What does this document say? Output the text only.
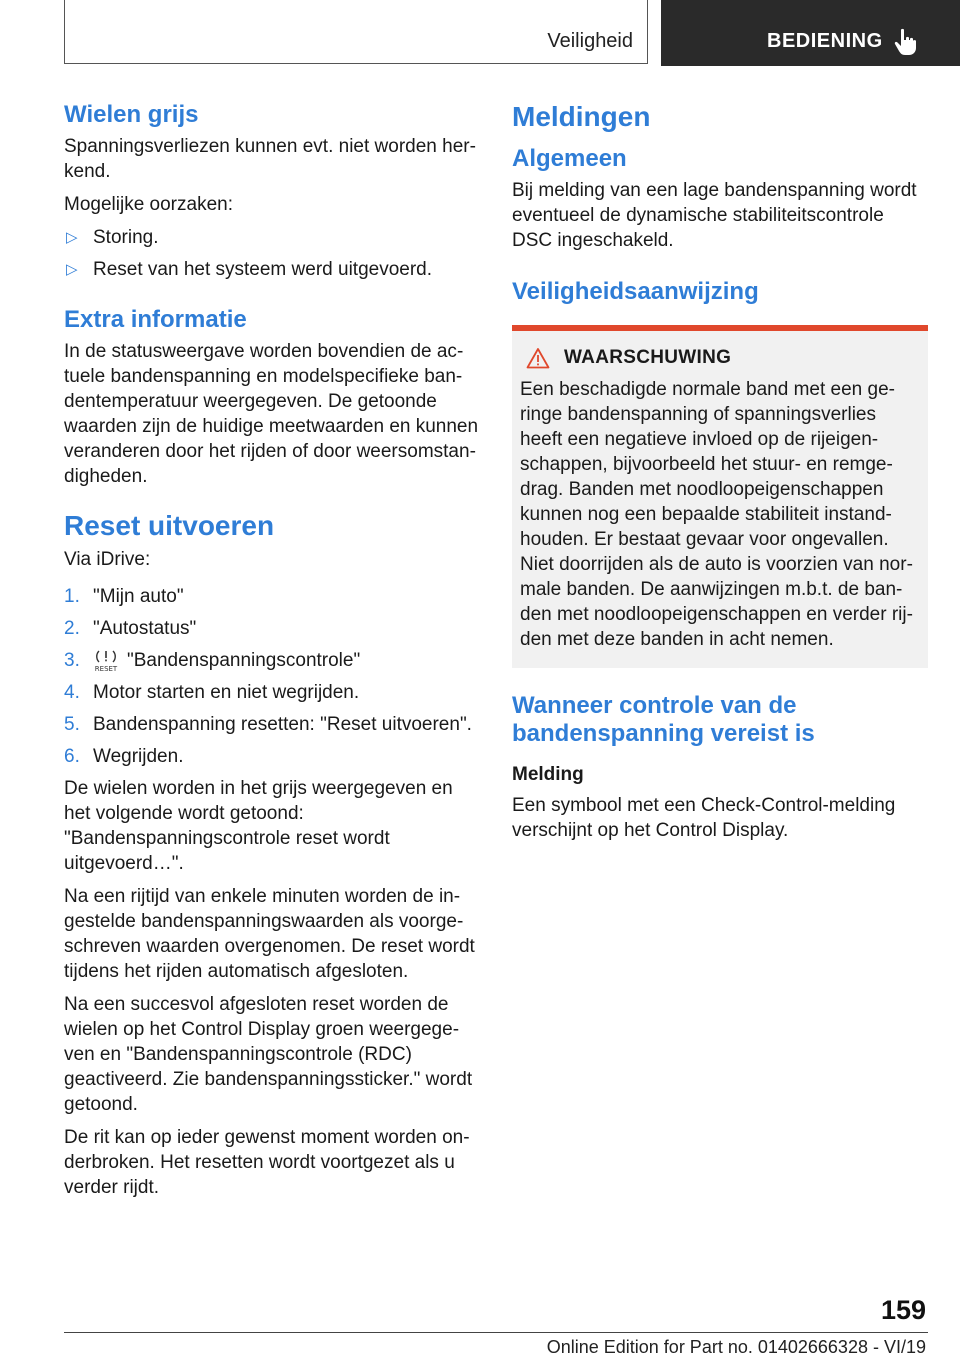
Veiligheid	BEDIENING
Wielen grijs

Spanningsverliezen kunnen evt. niet worden herkend.

Mogelijke oorzaken:

▷ Storing.
▷ Reset van het systeem werd uitgevoerd.
Extra informatie

In de statusweergave worden bovendien de actuele bandenspanning en modelspecifieke bandentemperatuur weergegeven. De getoonde waarden zijn de huidige meetwaarden en kunnen veranderen door het rijden of door weersomstandigheden.

Reset uitvoeren

Via iDrive:

1. "Mijn auto"
2. "Autostatus"
3. RESET "Bandenspanningscontrole"
4. Motor starten en niet wegrijden.
5. Bandenspanning resetten: "Reset uitvoeren".
6. Wegrijden.

De wielen worden in het grijs weergegeven en het volgende wordt getoond: "Bandenspanningscontrole reset wordt uitgevoerd…".

Na een rijtijd van enkele minuten worden de ingestelde bandenspanningswaarden als voorgeschreven waarden overgenomen. De reset wordt tijdens het rijden automatisch afgesloten.

Na een succesvol afgesloten reset worden de wielen op het Control Display groen weergegeven en "Bandenspanningscontrole (RDC) geactiveerd. Zie bandenspanningssticker." wordt getoond.

De rit kan op ieder gewenst moment worden onderbroken. Het resetten wordt voortgezet als u verder rijdt.

Meldingen
Algemeen

Bij melding van een lage bandenspanning wordt eventueel de dynamische stabiliteitscontrole DSC ingeschakeld.

Veiligheidsaanwijzing
WAARSCHUWING

Een beschadigde normale band met een geringe bandenspanning of spanningsverlies heeft een negatieve invloed op de rijeigenschappen, bijvoorbeeld het stuur- en remgedrag. Banden met noodloopeigenschappen kunnen nog een bepaalde stabiliteit instandhouden. Er bestaat gevaar voor ongevallen. Niet doorrijden als de auto is voorzien van normale banden. De aanwijzingen m.b.t. de banden met noodloopeigenschappen en verder rijden met deze banden in acht nemen.

Wanneer controle van de bandenspanning vereist is
Melding

Een symbool met een Check-Control-melding verschijnt op het Control Display.

159
Online Edition for Part no. 01402666328 - VI/19
